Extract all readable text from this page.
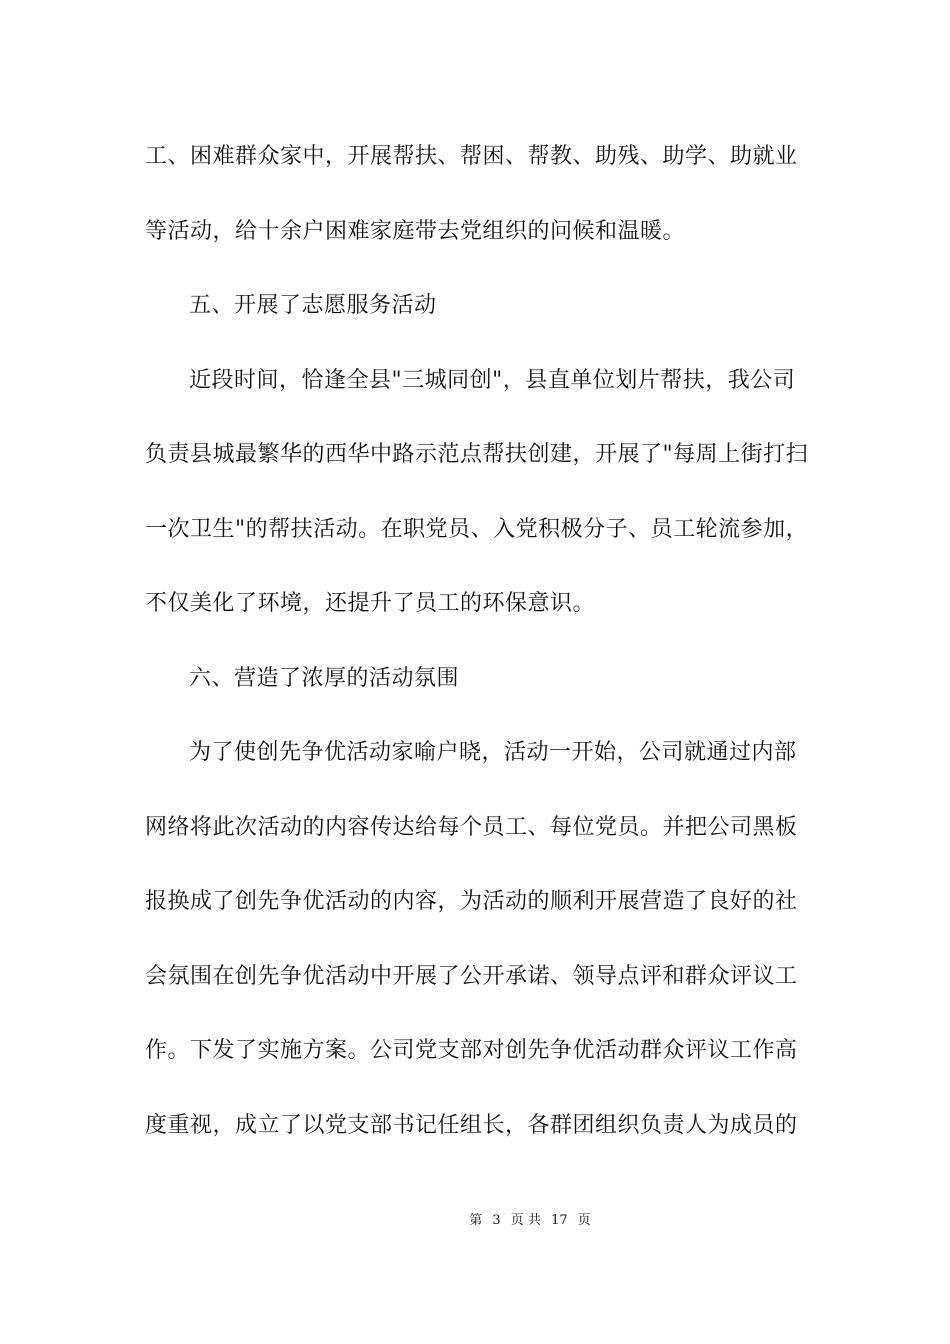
工、困难群众家中，开展帮扶、帮困、帮教、助残、助学、助就业
等活动，给十余户困难家庭带去党组织的问候和温暖。
五、开展了志愿服务活动
近段时间，恰逢全县"三城同创"，县直单位划片帮扶，我公司
负责县城最繁华的西华中路示范点帮扶创建，开展了"每周上街打扫
一次卫生"的帮扶活动。在职党员、入党积极分子、员工轮流参加，
不仅美化了环境，还提升了员工的环保意识。
六、营造了浓厚的活动氛围
为了使创先争优活动家喻户晓，活动一开始，公司就通过内部
网络将此次活动的内容传达给每个员工、每位党员。并把公司黑板
报换成了创先争优活动的内容，为活动的顺利开展营造了良好的社
会氛围在创先争优活动中开展了公开承诺、领导点评和群众评议工
作。下发了实施方案。公司党支部对创先争优活动群众评议工作高
度重视，成立了以党支部书记任组长，各群团组织负责人为成员的
第 3 页 共 17 页
